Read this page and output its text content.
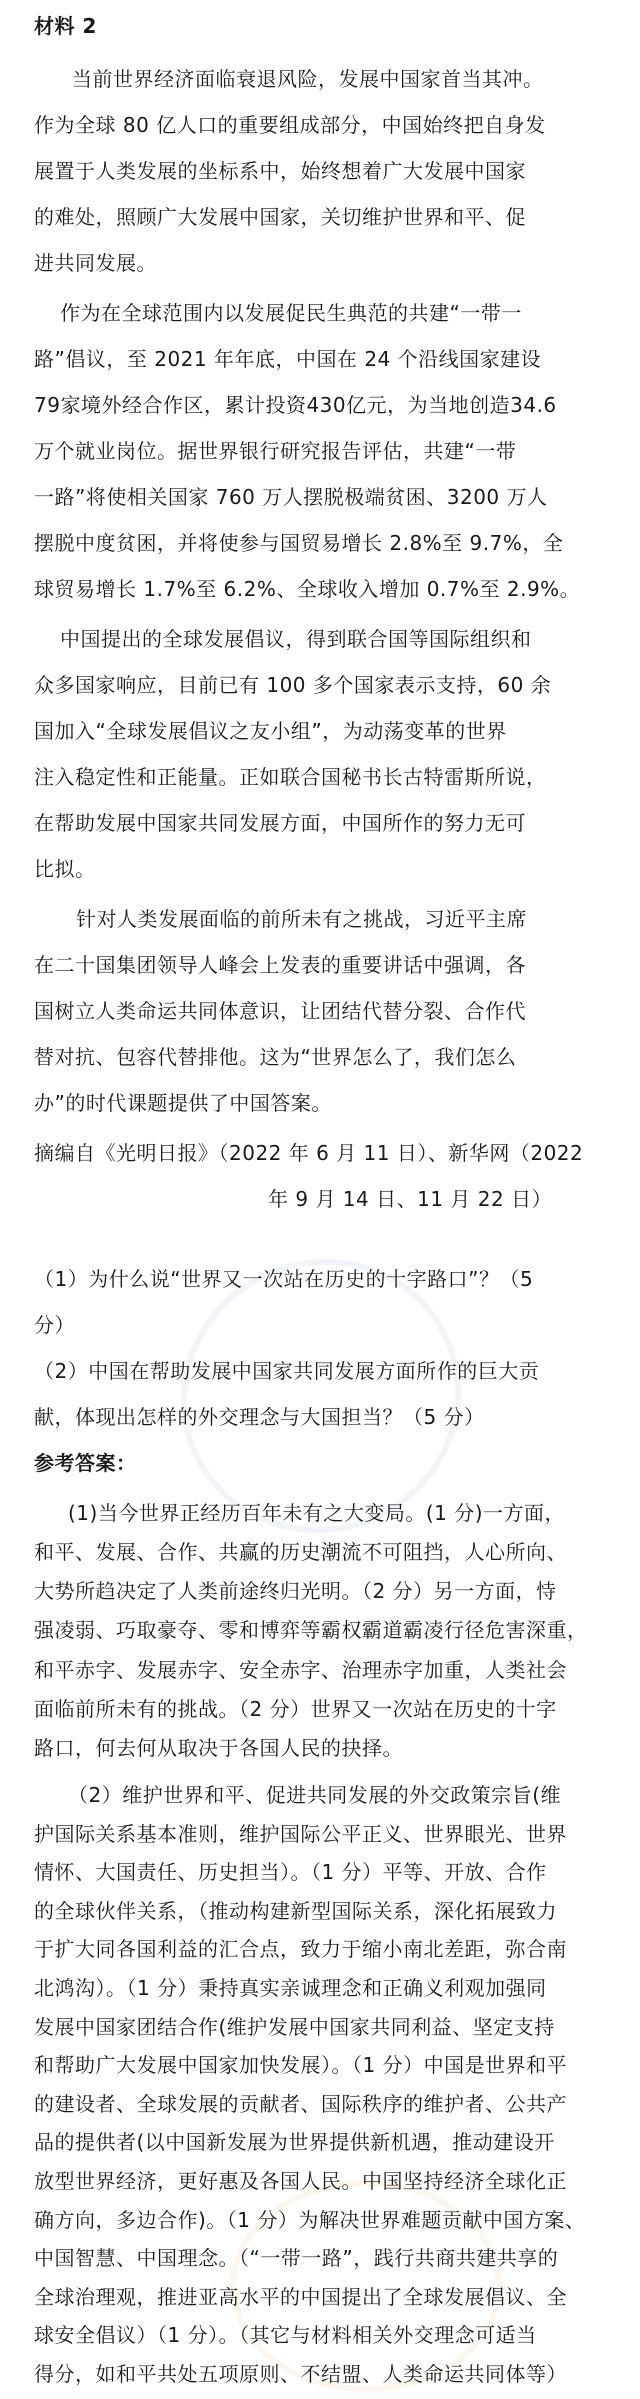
材料 2
当前世界经济面临衰退风险，发展中国家首当其冲。
作为全球 80 亿人口的重要组成部分，中国始终把自身发
展置于人类发展的坐标系中，始终想着广大发展中国家
的难处，照顾广大发展中国家，关切维护世界和平、促
进共同发展。
作为在全球范围内以发展促民生典范的共建“一带一
路”倡议，至 2021 年年底，中国在 24 个沿线国家建设
79家境外经合作区，累计投资430亿元，为当地创造34.6
万个就业岗位。据世界银行研究报告评估，共建“一带
一路”将使相关国家 760 万人摆脱极端贫困、3200 万人
摆脱中度贫困，并将使参与国贸易增长 2.8%至 9.7%，全
球贸易增长 1.7%至 6.2%、全球收入增加 0.7%至 2.9%。
中国提出的全球发展倡议，得到联合国等国际组织和
众多国家响应，目前已有 100 多个国家表示支持，60 余
国加入“全球发展倡议之友小组”，为动荡变革的世界
注入稳定性和正能量。正如联合国秘书长古特雷斯所说，
在帮助发展中国家共同发展方面，中国所作的努力无可
比拟。
针对人类发展面临的前所未有之挑战，习近平主席
在二十国集团领导人峰会上发表的重要讲话中强调，各
国树立人类命运共同体意识，让团结代替分裂、合作代
替对抗、包容代替排他。这为“世界怎么了，我们怎么
办”的时代课题提供了中国答案。
摘编自《光明日报》（2022 年 6 月 11 日）、新华网（2022
年 9 月 14 日、11 月 22 日）
（1）为什么说“世界又一次站在历史的十字路口”？（5
分）
（2）中国在帮助发展中国家共同发展方面所作的巨大贡
献，体现出怎样的外交理念与大国担当？（5 分）
参考答案：
(1)当今世界正经历百年未有之大变局。(1 分)一方面，
和平、发展、合作、共赢的历史潮流不可阻挡，人心所向、
大势所趋决定了人类前途终归光明。（2 分）另一方面，恃
强凌弱、巧取豪夺、零和博弈等霸权霸道霸凌行径危害深重，
和平赤字、发展赤字、安全赤字、治理赤字加重，人类社会
面临前所未有的挑战。（2 分）世界又一次站在历史的十字
路口，何去何从取决于各国人民的抉择。
（2）维护世界和平、促进共同发展的外交政策宗旨(维
护国际关系基本准则，维护国际公平正义、世界眼光、世界
情怀、大国责任、历史担当）。（1 分）平等、开放、合作
的全球伙伴关系，（推动构建新型国际关系，深化拓展致力
于扩大同各国利益的汇合点，致力于缩小南北差距，弥合南
北鸿沟）。（1 分）秉持真实亲诚理念和正确义利观加强同
发展中国家团结合作(维护发展中国家共同利益、坚定支持
和帮助广大发展中国家加快发展）。（1 分）中国是世界和平
的建设者、全球发展的贡献者、国际秩序的维护者、公共产
品的提供者(以中国新发展为世界提供新机遇，推动建设开
放型世界经济，更好惠及各国人民。中国坚持经济全球化正
确方向，多边合作)。（1 分）为解决世界难题贡献中国方案、
中国智慧、中国理念。（“一带一路”，践行共商共建共享的
全球治理观，推进亚高水平的中国提出了全球发展倡议、全
球安全倡议）（1 分）。（其它与材料相关外交理念可适当
得分，如和平共处五项原则、不结盟、人类命运共同体等）
